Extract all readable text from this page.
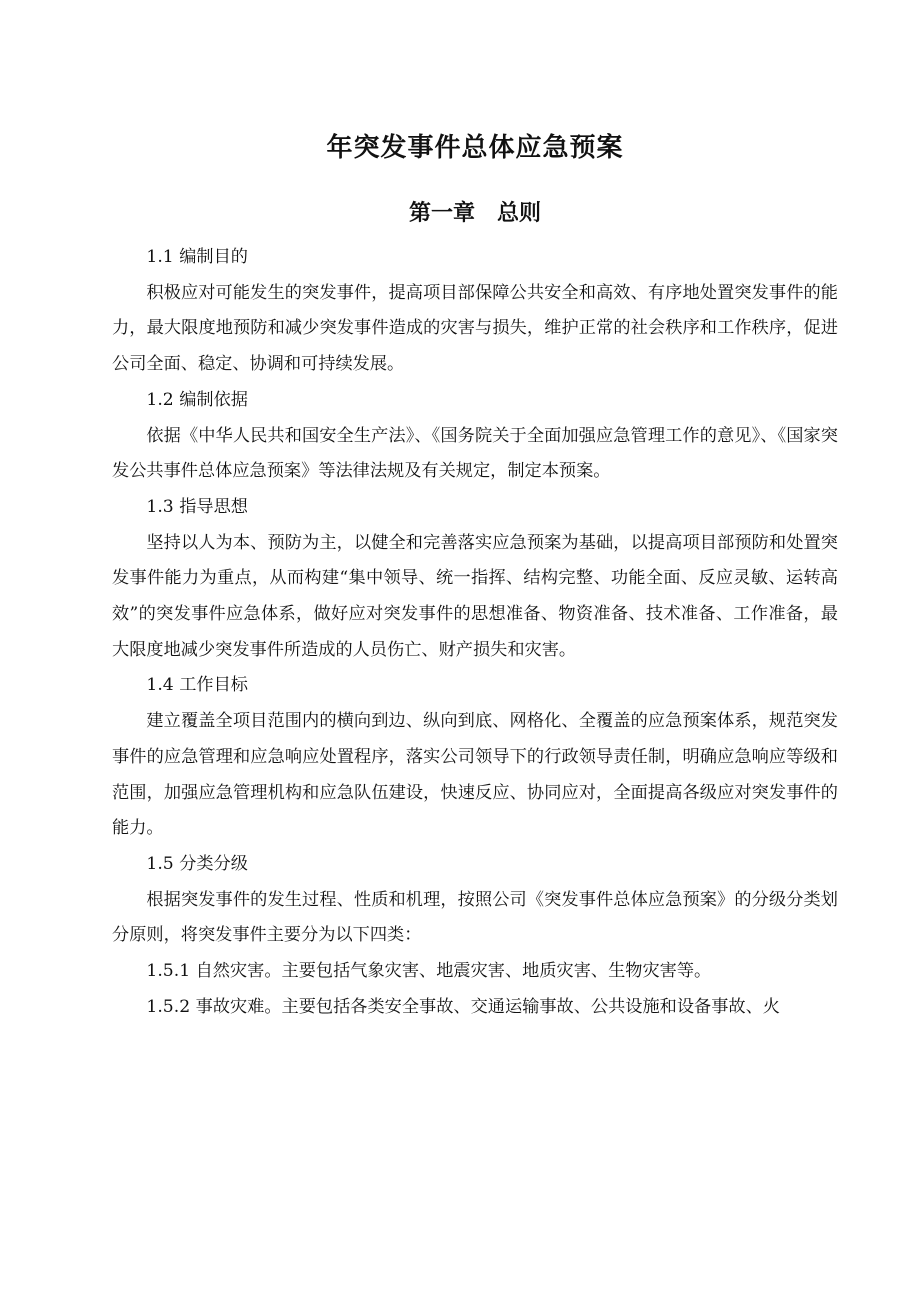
年突发事件总体应急预案
第一章　总则

1.1 编制目的

积极应对可能发生的突发事件，提高项目部保障公共安全和高效、有序地处置突发事件的能力，最大限度地预防和减少突发事件造成的灾害与损失，维护正常的社会秩序和工作秩序，促进公司全面、稳定、协调和可持续发展。

1.2 编制依据

依据《中华人民共和国安全生产法》、《国务院关于全面加强应急管理工作的意见》、《国家突发公共事件总体应急预案》等法律法规及有关规定，制定本预案。

1.3 指导思想

坚持以人为本、预防为主，以健全和完善落实应急预案为基础，以提高项目部预防和处置突发事件能力为重点，从而构建“集中领导、统一指挥、结构完整、功能全面、反应灵敏、运转高效”的突发事件应急体系，做好应对突发事件的思想准备、物资准备、技术准备、工作准备，最大限度地减少突发事件所造成的人员伤亡、财产损失和灾害。

1.4 工作目标

建立覆盖全项目范围内的横向到边、纵向到底、网格化、全覆盖的应急预案体系，规范突发事件的应急管理和应急响应处置程序，落实公司领导下的行政领导责任制，明确应急响应等级和范围，加强应急管理机构和应急队伍建设，快速反应、协同应对，全面提高各级应对突发事件的能力。

1.5 分类分级

根据突发事件的发生过程、性质和机理，按照公司《突发事件总体应急预案》的分级分类划分原则，将突发事件主要分为以下四类：

1.5.1 自然灾害。主要包括气象灾害、地震灾害、地质灾害、生物灾害等。

1.5.2 事故灾难。主要包括各类安全事故、交通运输事故、公共设施和设备事故、火
